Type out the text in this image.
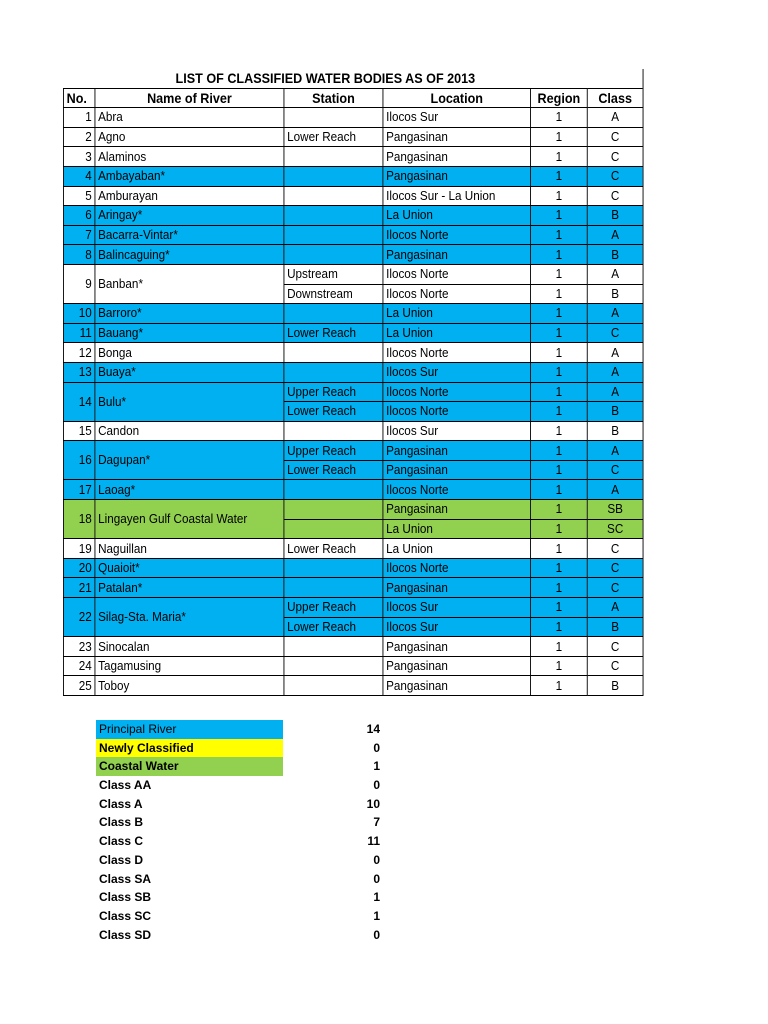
LIST OF CLASSIFIED WATER BODIES AS OF 2013					
No.	Name of River	Station	Location	Region	Class
1	Abra		Ilocos Sur	1	A
2	Agno	Lower Reach	Pangasinan	1	C
3	Alaminos		Pangasinan	1	C
4	Ambayaban*		Pangasinan	1	C
5	Amburayan		Ilocos Sur - La Union	1	C
6	Aringay*		La Union	1	B
7	Bacarra-Vintar*		Ilocos Norte	1	A
8	Balincaguing*		Pangasinan	1	B
9	Banban*	Upstream	Ilocos Norte	1	A
		Downstream	Ilocos Norte	1	B
10	Barroro*		La Union	1	A
11	Bauang*	Lower Reach	La Union	1	C
12	Bonga		Ilocos Norte	1	A
13	Buaya*		Ilocos Sur	1	A
14	Bulu*	Upper Reach	Ilocos Norte	1	A
		Lower Reach	Ilocos Norte	1	B
15	Candon		Ilocos Sur	1	B
16	Dagupan*	Upper Reach	Pangasinan	1	A
		Lower Reach	Pangasinan	1	C
17	Laoag*		Ilocos Norte	1	A
18	Lingayen Gulf Coastal Water		Pangasinan	1	SB
			La Union	1	SC
19	Naguillan	Lower Reach	La Union	1	C
20	Quaioit*		Ilocos Norte	1	C
21	Patalan*		Pangasinan	1	C
22	Silag-Sta. Maria*	Upper Reach	Ilocos Sur	1	A
		Lower Reach	Ilocos Sur	1	B
23	Sinocalan		Pangasinan	1	C
24	Tagamusing		Pangasinan	1	C
25	Toboy		Pangasinan	1	B
Principal River	14
Newly Classified	0
Coastal Water	1
Class AA	0
Class A	10
Class B	7
Class C	11
Class D	0
Class SA	0
Class SB	1
Class SC	1
Class SD	0
